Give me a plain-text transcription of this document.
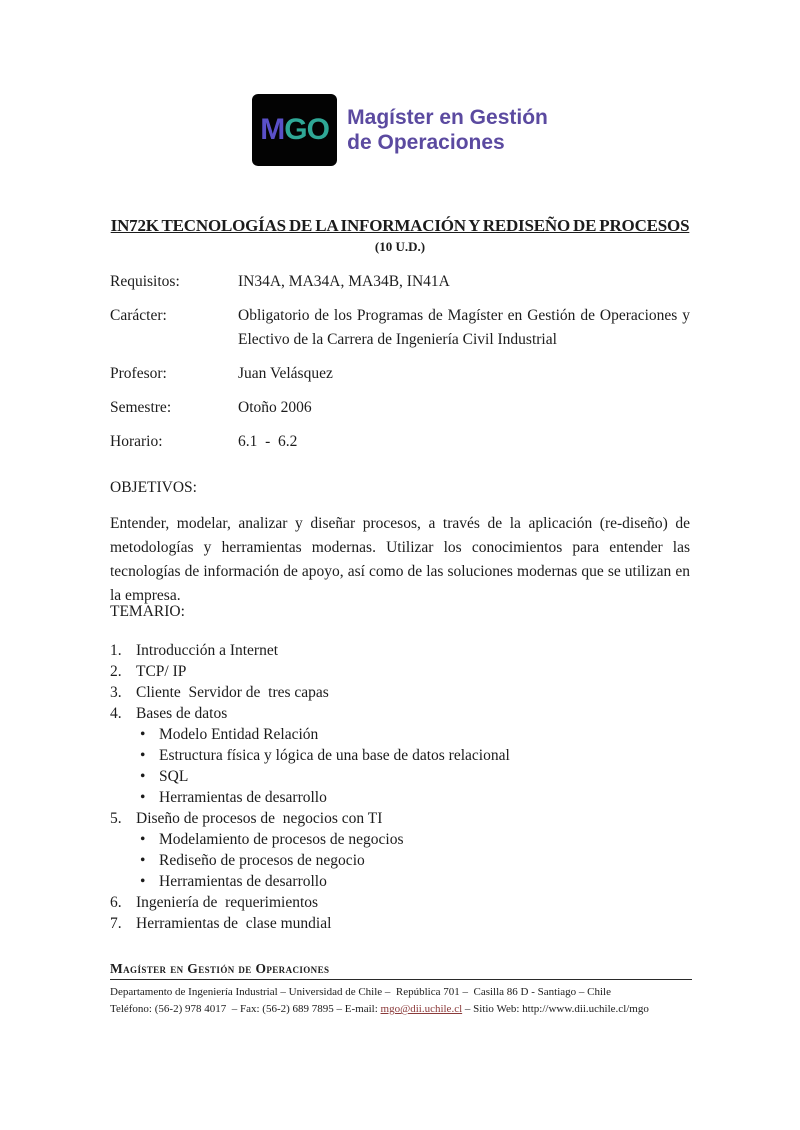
M GO Magíster en Gestión
de Operaciones
IN72K TECNOLOGÍAS DE LA INFORMACIÓN Y REDISEÑO DE PROCESOS
(10 U.D.)
Requisitos:	IN34A, MA34A, MA34B, IN41A
Carácter:	Obligatorio de los Programas de Magíster en Gestión de Operaciones y Electivo de la Carrera de Ingeniería Civil Industrial
Profesor:	Juan Velásquez
Semestre:	Otoño 2006
Horario:	6.1  -  6.2
OBJETIVOS:
Entender, modelar, analizar y diseñar procesos, a través de la aplicación (re-diseño) de metodologías y herramientas modernas. Utilizar los conocimientos para entender las tecnologías de información de apoyo, así como de las soluciones modernas que se utilizan en la empresa.
TEMARIO:
1. Introducción a Internet
2. TCP/ IP
3. Cliente  Servidor de  tres capas
4. Bases de datos
• Modelo Entidad Relación
• Estructura física y lógica de una base de datos relacional
• SQL
• Herramientas de desarrollo
5. Diseño de procesos de  negocios con TI
• Modelamiento de procesos de negocios
• Rediseño de procesos de negocio
• Herramientas de desarrollo
6. Ingeniería de  requerimientos
7. Herramientas de  clase mundial
Magíster en Gestión de Operaciones
Departamento de Ingeniería Industrial – Universidad de Chile –  República 701 –  Casilla 86 D - Santiago – Chile
Teléfono: (56-2) 978 4017  – Fax: (56-2) 689 7895 – E-mail: mgo@dii.uchile.cl – Sitio Web: http://www.dii.uchile.cl/mgo
